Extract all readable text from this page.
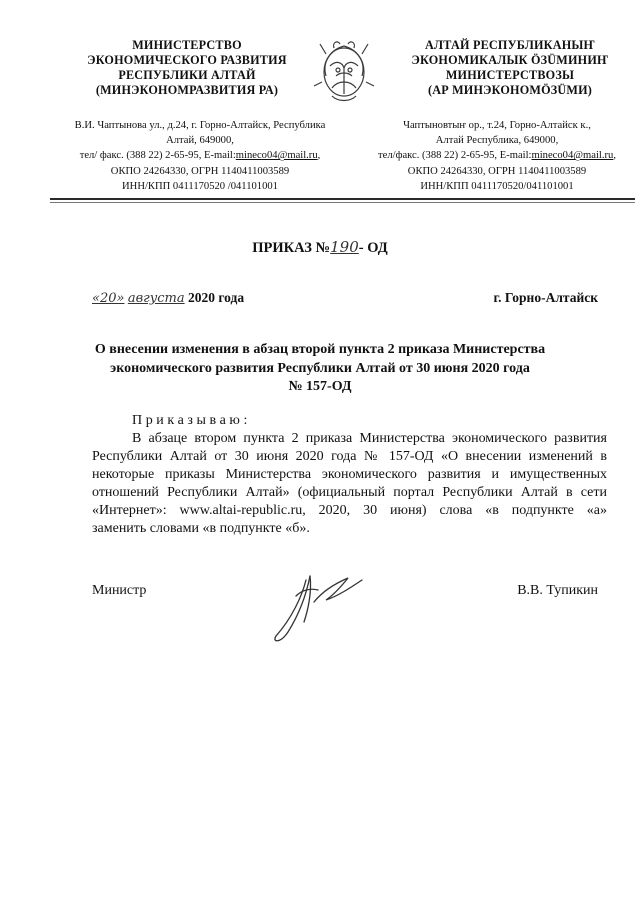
МИНИСТЕРСТВО
ЭКОНОМИЧЕСКОГО РАЗВИТИЯ
РЕСПУБЛИКИ АЛТАЙ
(МИНЭКОНОМРАЗВИТИЯ РА)
АЛТАЙ РЕСПУБЛИКАНЫҤ
ЭКОНОМИКАЛЫК ÖЗÜМИНИҤ
МИНИСТЕРСТВОЗЫ
(АР МИНЭКОНОМÖЗÜМИ)
В.И. Чаптынова ул., д.24, г. Горно-Алтайск, Республика
Алтай, 649000,
тел/ факс. (388 22) 2-65-95, E-mail:mineco04@mail.ru,
ОКПО 24264330, ОГРН 1140411003589
ИНН/КПП 0411170520 /041101001
Чаптыновтыҥ ор., т.24, Горно-Алтайск к.,
Алтай Республика, 649000,
тел/факс. (388 22) 2-65-95, E-mail:mineco04@mail.ru,
ОКПО 24264330, ОГРН 1140411003589
ИНН/КПП 0411170520/041101001
ПРИКАЗ №190- ОД
«20» августа 2020 года	г. Горно-Алтайск
О внесении изменения в абзац второй пункта 2 приказа Министерства
экономического развития Республики Алтай от 30 июня 2020 года
№ 157-ОД
Приказываю:
В абзаце втором пункта 2 приказа Министерства экономического развития
Республики Алтай от 30 июня 2020 года № 157-ОД «О внесении изменений в
некоторые приказы Министерства экономического развития и имущественных
отношений Республики Алтай» (официальный портал Республики Алтай в сети
«Интернет»: www.altai-republic.ru, 2020, 30 июня) слова «в подпункте «а»
заменить словами «в подпункте «б».
Министр	В.В. Тупикин
